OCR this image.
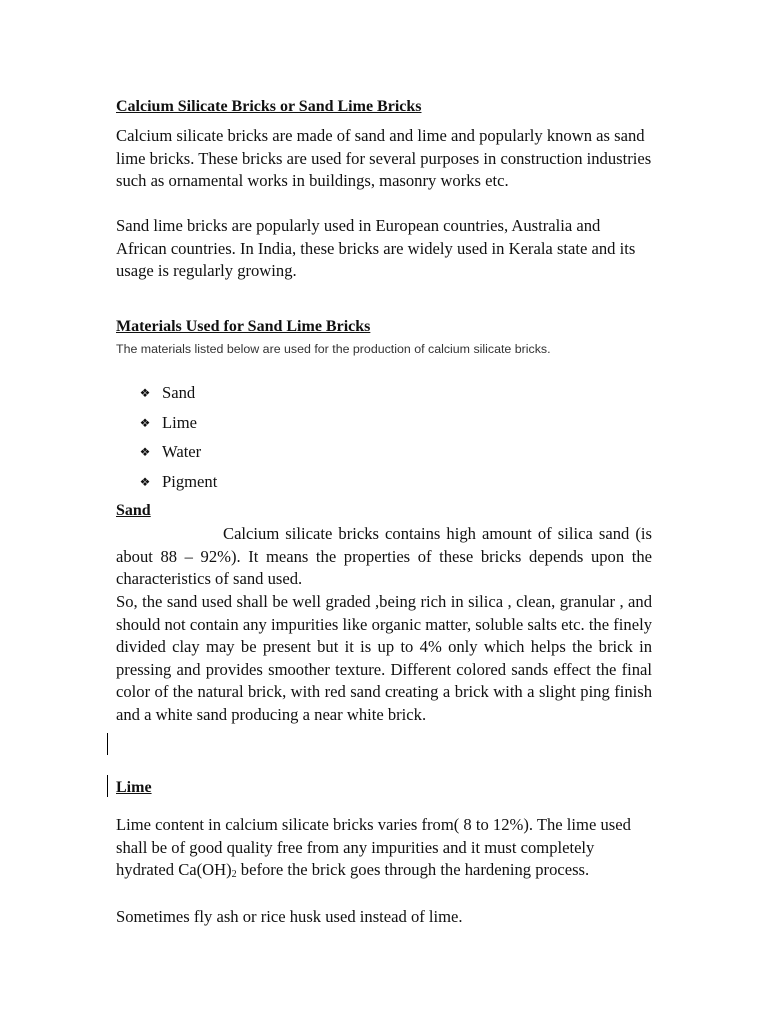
Calcium Silicate Bricks or Sand Lime Bricks

Calcium silicate bricks are made of sand and lime and popularly known as sand lime bricks. These bricks are used for several purposes in construction industries such as ornamental works in buildings, masonry works etc.

Sand lime bricks are popularly used in European countries, Australia and African countries. In India, these bricks are widely used in Kerala state and its usage is regularly growing.

Materials Used for Sand Lime Bricks

The materials listed below are used for the production of calcium silicate bricks.

❖ Sand
❖ Lime
❖ Water
❖ Pigment
Sand

Calcium silicate bricks contains high amount of silica sand (is about 88 – 92%). It means the properties of these bricks depends upon the characteristics of sand used.

So, the sand used shall be well graded ,being rich in silica , clean, granular , and should not contain any impurities like organic matter, soluble salts etc. the finely divided clay may be present but it is up to 4% only which helps the brick in pressing and provides smoother texture. Different colored sands effect the final color of the natural brick, with red sand creating a brick with a slight ping finish and a white sand producing a near white brick.

Lime

Lime content in calcium silicate bricks varies from( 8 to 12%). The lime used shall be of good quality free from any impurities and it must completely hydrated $Ca(OH)_2$ before the brick goes through the hardening process.

Sometimes fly ash or rice husk used instead of lime.
